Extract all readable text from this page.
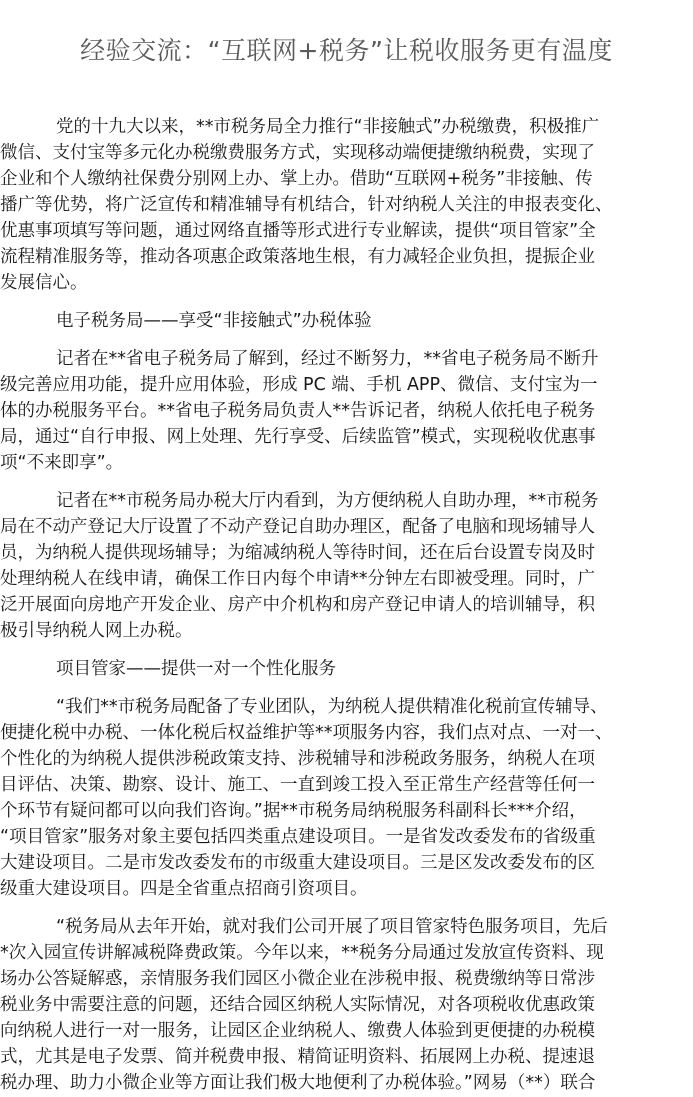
经验交流：“互联网+税务”让税收服务更有温度
党的十九大以来，**市税务局全力推行“非接触式”办税缴费，积极推广
微信、支付宝等多元化办税缴费服务方式，实现移动端便捷缴纳税费，实现了
企业和个人缴纳社保费分别网上办、掌上办。借助“互联网+税务”非接触、传
播广等优势，将广泛宣传和精准辅导有机结合，针对纳税人关注的申报表变化、
优惠事项填写等问题，通过网络直播等形式进行专业解读，提供“项目管家”全
流程精准服务等，推动各项惠企政策落地生根，有力减轻企业负担，提振企业
发展信心。
电子税务局——享受“非接触式”办税体验
记者在**省电子税务局了解到，经过不断努力，**省电子税务局不断升
级完善应用功能，提升应用体验，形成 PC 端、手机 APP、微信、支付宝为一
体的办税服务平台。**省电子税务局负责人**告诉记者，纳税人依托电子税务
局，通过“自行申报、网上处理、先行享受、后续监管”模式，实现税收优惠事
项“不来即享”。
记者在**市税务局办税大厅内看到，为方便纳税人自助办理，**市税务
局在不动产登记大厅设置了不动产登记自助办理区，配备了电脑和现场辅导人
员，为纳税人提供现场辅导；为缩减纳税人等待时间，还在后台设置专岗及时
处理纳税人在线申请，确保工作日内每个申请**分钟左右即被受理。同时，广
泛开展面向房地产开发企业、房产中介机构和房产登记申请人的培训辅导，积
极引导纳税人网上办税。
项目管家——提供一对一个性化服务
“我们**市税务局配备了专业团队，为纳税人提供精准化税前宣传辅导、
便捷化税中办税、一体化税后权益维护等**项服务内容，我们点对点、一对一、
个性化的为纳税人提供涉税政策支持、涉税辅导和涉税政务服务，纳税人在项
目评估、决策、勘察、设计、施工、一直到竣工投入至正常生产经营等任何一
个环节有疑问都可以向我们咨询。”据**市税务局纳税服务科副科长***介绍，
“项目管家”服务对象主要包括四类重点建设项目。一是省发改委发布的省级重
大建设项目。二是市发改委发布的市级重大建设项目。三是区发改委发布的区
级重大建设项目。四是全省重点招商引资项目。
“税务局从去年开始，就对我们公司开展了项目管家特色服务项目，先后
*次入园宣传讲解减税降费政策。今年以来，**税务分局通过发放宣传资料、现
场办公答疑解惑，亲情服务我们园区小微企业在涉税申报、税费缴纳等日常涉
税业务中需要注意的问题，还结合园区纳税人实际情况，对各项税收优惠政策
向纳税人进行一对一服务，让园区企业纳税人、缴费人体验到更便捷的办税模
式，尤其是电子发票、简并税费申报、精简证明资料、拓展网上办税、提速退
税办理、助力小微企业等方面让我们极大地便利了办税体验。”网易（**）联合
